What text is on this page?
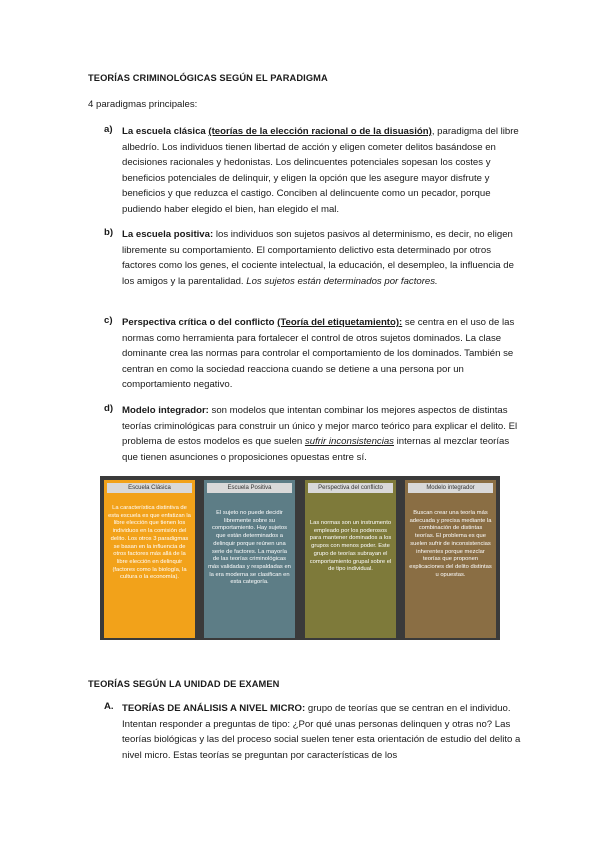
TEORÍAS CRIMINOLÓGICAS SEGÚN EL PARADIGMA
4 paradigmas principales:
a) La escuela clásica (teorías de la elección racional o de la disuasión), paradigma del libre albedrío. Los individuos tienen libertad de acción y eligen cometer delitos basándose en decisiones racionales y hedonistas. Los delincuentes potenciales sopesan los costes y beneficios potenciales de delinquir, y eligen la opción que les asegure mayor disfrute y beneficios y que reduzca el castigo. Conciben al delincuente como un pecador, porque pudiendo haber elegido el bien, han elegido el mal.
b) La escuela positiva: los individuos son sujetos pasivos al determinismo, es decir, no eligen libremente su comportamiento. El comportamiento delictivo esta determinado por otros factores como los genes, el cociente intelectual, la educación, el desempleo, la influencia de los amigos y la parentalidad. Los sujetos están determinados por factores.
c) Perspectiva crítica o del conflicto (Teoría del etiquetamiento): se centra en el uso de las normas como herramienta para fortalecer el control de otros sujetos dominados. La clase dominante crea las normas para controlar el comportamiento de los dominados. También se centran en como la sociedad reacciona cuando se detiene a una persona por un comportamiento negativo.
d) Modelo integrador: son modelos que intentan combinar los mejores aspectos de distintas teorías criminológicas para construir un único y mejor marco teórico para explicar el delito. El problema de estos modelos es que suelen sufrir inconsistencias internas al mezclar teorías que tienen asunciones o proposiciones opuestas entre sí.
Escuela Clásica
La característica distintiva de esta escuela es que enfatizan la libre elección que tienen los individuos en la comisión del delito. Los otros 3 paradigmas se basan en la influencia de otros factores más allá de la libre elección en delinquir (factores como la biología, la cultura o la economía).
Escuela Positiva
El sujeto no puede decidir libremente sobre su comportamiento. Hay sujetos que están determinados a delinquir porque reúnen una serie de factores. La mayoría de las teorías criminológicas más validadas y respaldadas en la era moderna se clasifican en esta categoría.
Perspectiva del conflicto
Las normas son un instrumento empleado por los poderosos para mantener dominados a los grupos con menos poder. Este grupo de teorías subrayan el comportamiento grupal sobre el de tipo individual.
Modelo integrador
Buscan crear una teoría más adecuada y precisa mediante la combinación de distintas teorías. El problema es que suelen sufrir de inconsistencias inherentes porque mezclar teorías que proponen explicaciones del delito distintas u opuestas.
TEORÍAS SEGÚN LA UNIDAD DE EXAMEN
A. TEORÍAS DE ANÁLISIS A NIVEL MICRO: grupo de teorías que se centran en el individuo. Intentan responder a preguntas de tipo: ¿Por qué unas personas delinquen y otras no? Las teorías biológicas y las del proceso social suelen tener esta orientación de estudio del delito a nivel micro. Estas teorías se preguntan por características de los
